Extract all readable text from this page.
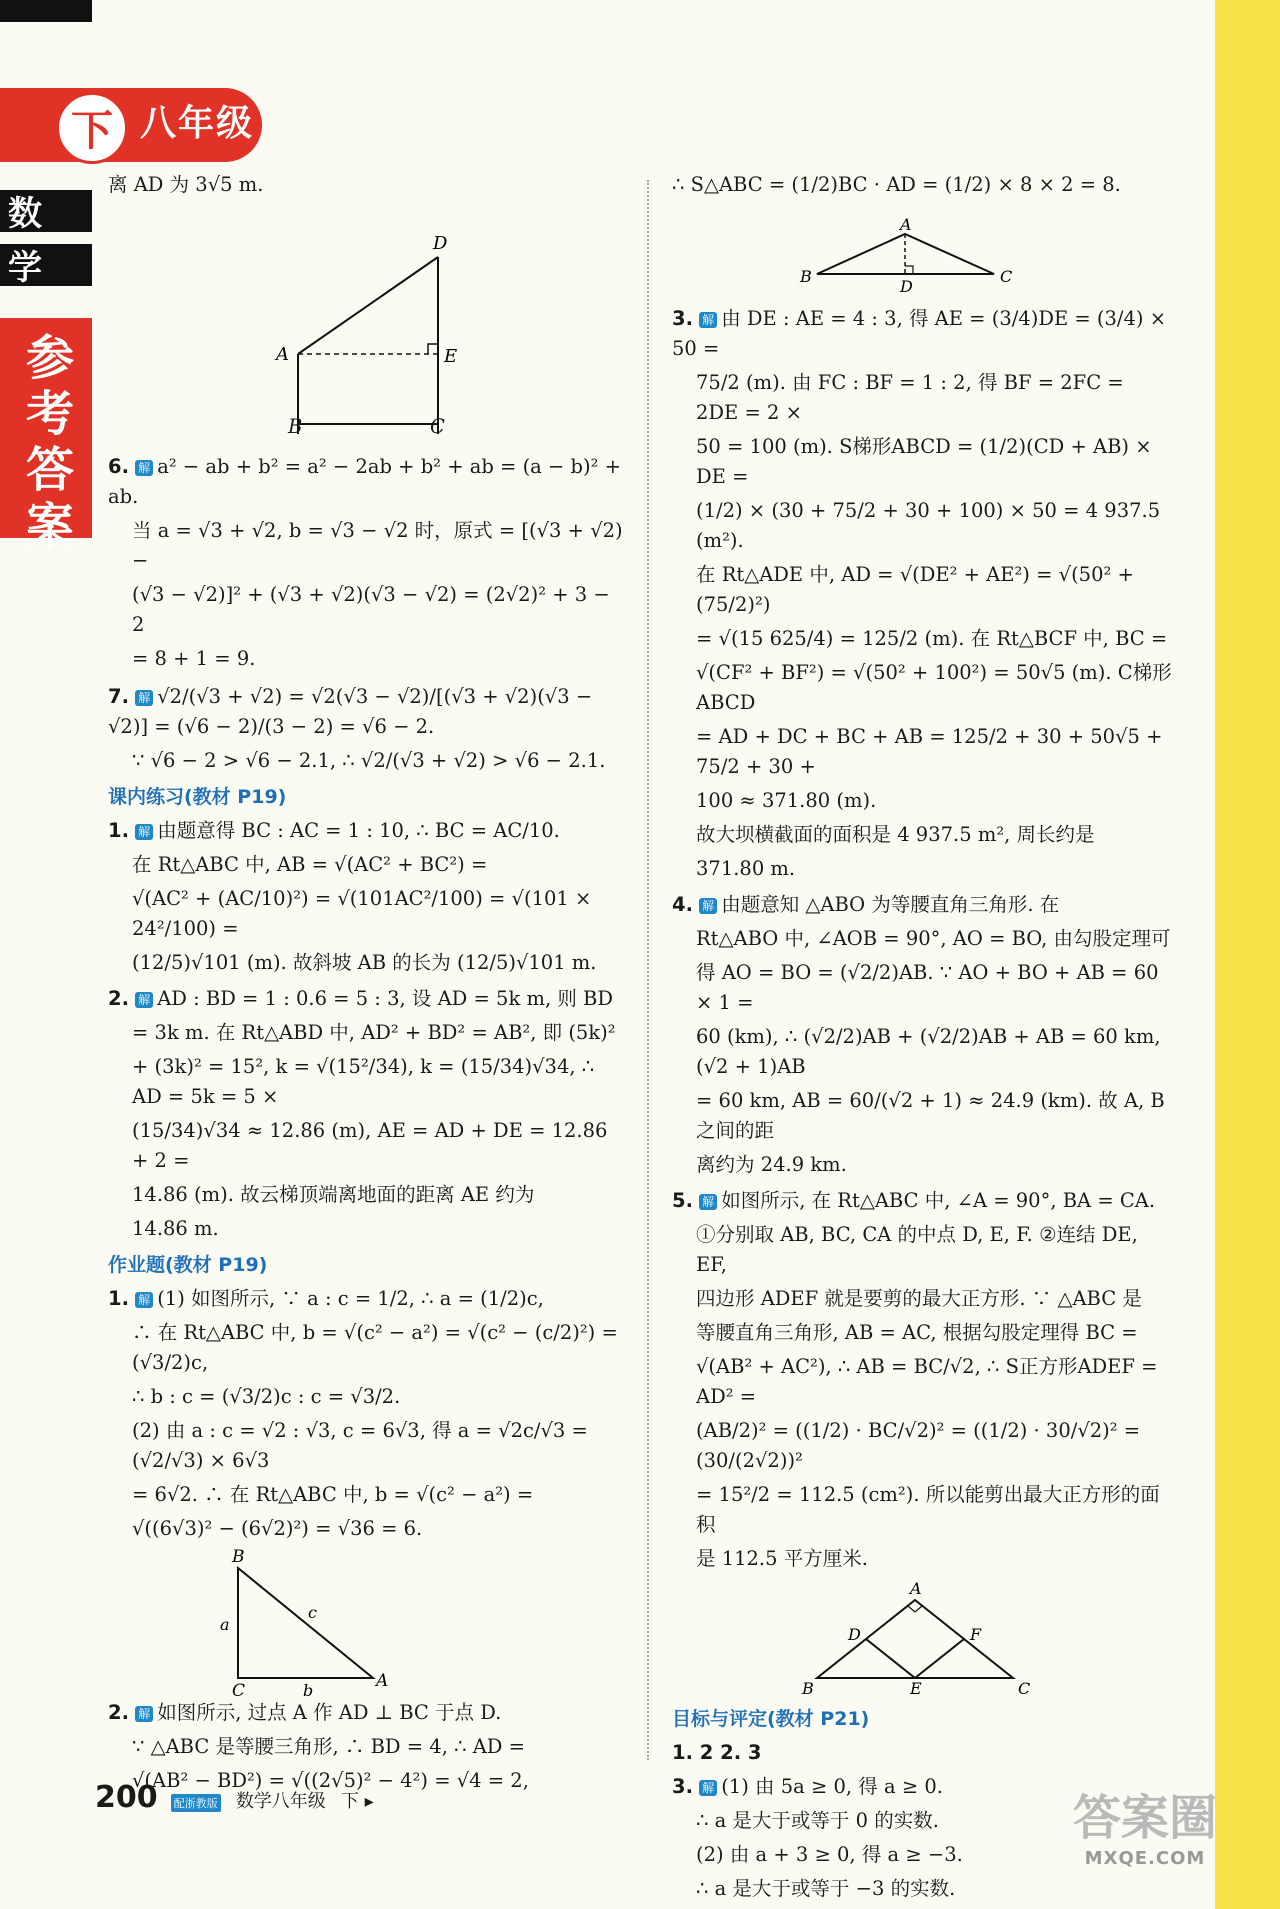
下 八年级
数
学
参考答案
离 AD 为 3√5 m.
D
A	E
B	C
6. 解 a² − ab + b² = a² − 2ab + b² + ab = (a − b)² + ab.
当 a = √3 + √2, b = √3 − √2 时，原式 = [(√3 + √2) −
(√3 − √2)]² + (√3 + √2)(√3 − √2) = (2√2)² + 3 − 2
= 8 + 1 = 9.
7. 解 √2/(√3 + √2) = √2(√3 − √2)/[(√3 + √2)(√3 − √2)] = (√6 − 2)/(3 − 2) = √6 − 2.
∵ √6 − 2 > √6 − 2.1, ∴ √2/(√3 + √2) > √6 − 2.1.
课内练习(教材 P19)
1. 解 由题意得 BC : AC = 1 : 10, ∴ BC = AC/10.
在 Rt△ABC 中, AB = √(AC² + BC²) =
√(AC² + (AC/10)²) = √(101AC²/100) = √(101 × 24²/100) =
(12/5)√101 (m). 故斜坡 AB 的长为 (12/5)√101 m.
2. 解 AD : BD = 1 : 0.6 = 5 : 3, 设 AD = 5k m, 则 BD
= 3k m. 在 Rt△ABD 中, AD² + BD² = AB², 即 (5k)²
+ (3k)² = 15², k = √(15²/34), k = (15/34)√34, ∴ AD = 5k = 5 ×
(15/34)√34 ≈ 12.86 (m), AE = AD + DE = 12.86 + 2 =
14.86 (m). 故云梯顶端离地面的距离 AE 约为
14.86 m.
作业题(教材 P19)
1. 解 (1) 如图所示, ∵ a : c = 1/2, ∴ a = (1/2)c,
∴ 在 Rt△ABC 中, b = √(c² − a²) = √(c² − (c/2)²) = (√3/2)c,
∴ b : c = (√3/2)c : c = √3/2.
(2) 由 a : c = √2 : √3, c = 6√3, 得 a = √2c/√3 = (√2/√3) × 6√3
= 6√2. ∴ 在 Rt△ABC 中, b = √(c² − a²) =
√((6√3)² − (6√2)²) = √36 = 6.
B
c
a
C	b	A
2. 解 如图所示, 过点 A 作 AD ⊥ BC 于点 D.
∵ △ABC 是等腰三角形, ∴ BD = 4, ∴ AD =
√(AB² − BD²) = √((2√5)² − 4²) = √4 = 2,
∴ S△ABC = (1/2)BC · AD = (1/2) × 8 × 2 = 8.
A
B
D
C
3. 解 由 DE : AE = 4 : 3, 得 AE = (3/4)DE = (3/4) × 50 =
75/2 (m). 由 FC : BF = 1 : 2, 得 BF = 2FC = 2DE = 2 ×
50 = 100 (m). S梯形ABCD = (1/2)(CD + AB) × DE =
(1/2) × (30 + 75/2 + 30 + 100) × 50 = 4 937.5 (m²).
在 Rt△ADE 中, AD = √(DE² + AE²) = √(50² + (75/2)²)
= √(15 625/4) = 125/2 (m). 在 Rt△BCF 中, BC =
√(CF² + BF²) = √(50² + 100²) = 50√5 (m). C梯形ABCD
= AD + DC + BC + AB = 125/2 + 30 + 50√5 + 75/2 + 30 +
100 ≈ 371.80 (m).
故大坝横截面的面积是 4 937.5 m², 周长约是
371.80 m.
4. 解 由题意知 △ABO 为等腰直角三角形. 在
Rt△ABO 中, ∠AOB = 90°, AO = BO, 由勾股定理可
得 AO = BO = (√2/2)AB. ∵ AO + BO + AB = 60 × 1 =
60 (km), ∴ (√2/2)AB + (√2/2)AB + AB = 60 km, (√2 + 1)AB
= 60 km, AB = 60/(√2 + 1) ≈ 24.9 (km). 故 A, B 之间的距
离约为 24.9 km.
5. 解 如图所示, 在 Rt△ABC 中, ∠A = 90°, BA = CA.
①分别取 AB, BC, CA 的中点 D, E, F. ②连结 DE, EF,
四边形 ADEF 就是要剪的最大正方形. ∵ △ABC 是
等腰直角三角形, AB = AC, 根据勾股定理得 BC =
√(AB² + AC²), ∴ AB = BC/√2, ∴ S正方形ADEF = AD² =
(AB/2)² = ((1/2) · BC/√2)² = ((1/2) · 30/√2)² = (30/(2√2))²
= 15²/2 = 112.5 (cm²). 所以能剪出最大正方形的面积
是 112.5 平方厘米.
A
D	F
B	E	C
目标与评定(教材 P21)
1. 2 2. 3
3. 解 (1) 由 5a ≥ 0, 得 a ≥ 0.
∴ a 是大于或等于 0 的实数.
(2) 由 a + 3 ≥ 0, 得 a ≥ −3.
∴ a 是大于或等于 −3 的实数.
200 配浙教版 数学八年级 下 ▸	答案圈
MXQE.COM
